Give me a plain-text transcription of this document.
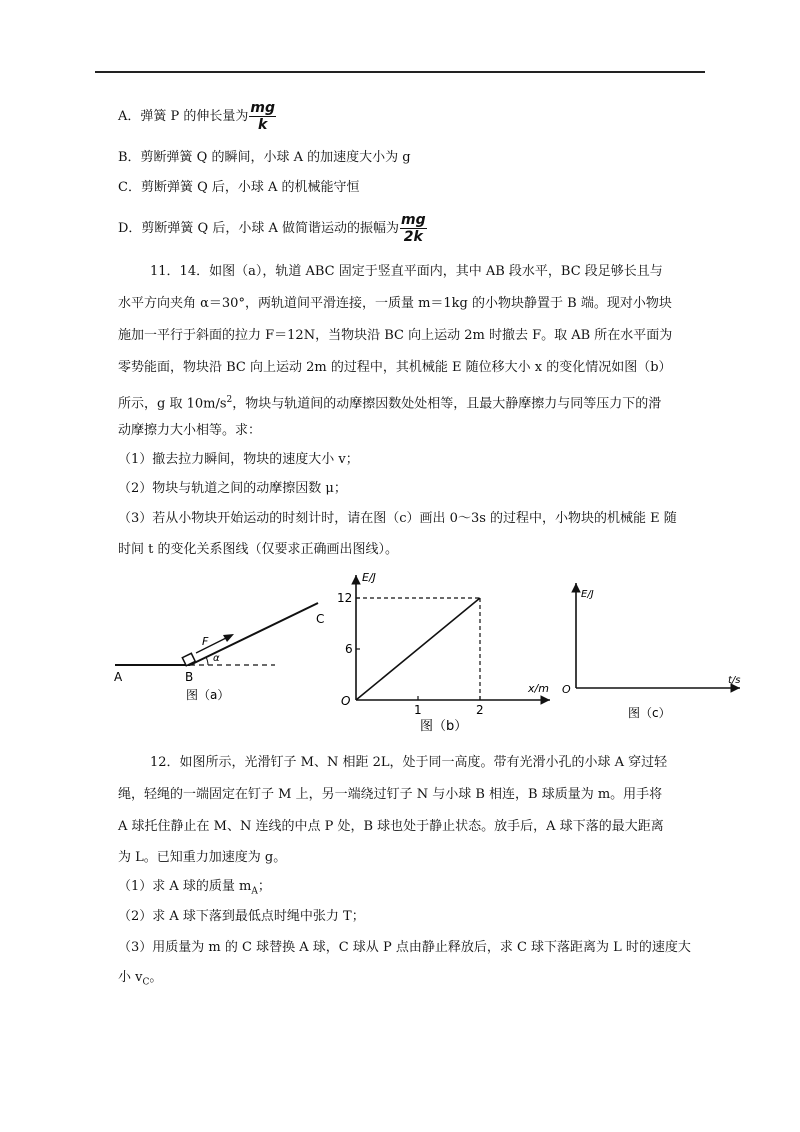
A．弹簧 P 的伸长量为 $\frac{mg}{k}$
B．剪断弹簧 Q 的瞬间，小球 A 的加速度大小为 g
C．剪断弹簧 Q 后，小球 A 的机械能守恒
D．剪断弹簧 Q 后，小球 A 做简谐运动的振幅为 $\frac{mg}{2k}$
11．14．如图（a），轨道 ABC 固定于竖直平面内，其中 AB 段水平，BC 段足够长且与
水平方向夹角 α＝30°，两轨道间平滑连接，一质量 m＝1kg 的小物块静置于 B 端。现对小物块
施加一平行于斜面的拉力 F＝12N，当物块沿 BC 向上运动 2m 时撤去 F。取 AB 所在水平面为
零势能面，物块沿 BC 向上运动 2m 的过程中，其机械能 E 随位移大小 x 的变化情况如图（b）
所示，g 取 $10m/s^2$，物块与轨道间的动摩擦因数处处相等，且最大静摩擦力与同等压力下的滑
动摩擦力大小相等。求：
（1）撤去拉力瞬间，物块的速度大小 v；
（2）物块与轨道之间的动摩擦因数 μ；
（3）若从小物块开始运动的时刻计时，请在图（c）画出 0～3s 的过程中，小物块的机械能 E 随
时间 t 的变化关系图线（仅要求正确画出图线）。
F
α
A	B
C
图（a）
E/J
x/m
O
1	2
6
12
图（b）
E/J
t/s
O
图（c）
12．如图所示，光滑钉子 M、N 相距 2L，处于同一高度。带有光滑小孔的小球 A 穿过轻
绳，轻绳的一端固定在钉子 M 上，另一端绕过钉子 N 与小球 B 相连，B 球质量为 m。用手将
A 球托住静止在 M、N 连线的中点 P 处，B 球也处于静止状态。放手后，A 球下落的最大距离
为 L。已知重力加速度为 g。
（1）求 A 球的质量 $m_A$；
（2）求 A 球下落到最低点时绳中张力 T；
（3）用质量为 m 的 C 球替换 A 球，C 球从 P 点由静止释放后，求 C 球下落距离为 L 时的速度大
小 $v_C$。
